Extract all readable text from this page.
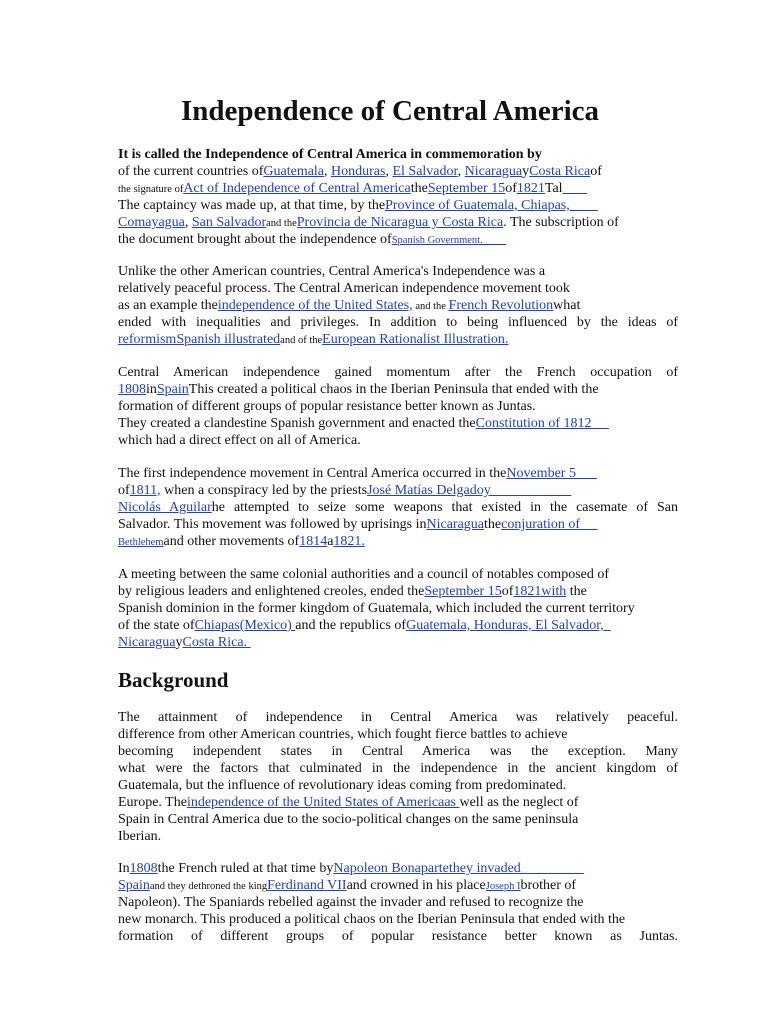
Independence of Central America
It is called the Independence of Central America in commemoration by
of the current countries ofGuatemala, Honduras, El Salvador, NicaraguayCosta Ricaof
the signature ofAct of Independence of Central AmericatheSeptember 15of1821Tal
The captaincy was made up, at that time, by theProvince of Guatemala, Chiapas,
Comayagua, San Salvadorand theProvincia de Nicaragua y Costa Rica. The subscription of
the document brought about the independence ofSpanish Government.
Unlike the other American countries, Central America's Independence was a
relatively peaceful process. The Central American independence movement took
as an example theindependence of the United States, and the French Revolutionwhat
ended with inequalities and privileges. In addition to being influenced by the ideas of
reformismSpanish illustratedand of theEuropean Rationalist Illustration.
Central American independence gained momentum after the French occupation of
1808inSpainThis created a political chaos in the Iberian Peninsula that ended with the
formation of different groups of popular resistance better known as Juntas.
They created a clandestine Spanish government and enacted theConstitution of 1812
which had a direct effect on all of America.
The first independence movement in Central America occurred in theNovember 5
of1811, when a conspiracy led by the priestsJosé Matías Delgadoy
Nicolás Aguilarhe attempted to seize some weapons that existed in the casemate of San
Salvador. This movement was followed by uprisings inNicaraguatheconjuration of
Bethlehemand other movements of1814a1821.
A meeting between the same colonial authorities and a council of notables composed of
by religious leaders and enlightened creoles, ended theSeptember 15of1821with the
Spanish dominion in the former kingdom of Guatemala, which included the current territory
of the state ofChiapas(Mexico) and the republics ofGuatemala, Honduras, El Salvador,
NicaraguayCosta Rica.
The attainment of independence in Central America was relatively peaceful.
difference from other American countries, which fought fierce battles to achieve
becoming independent states in Central America was the exception. Many
what were the factors that culminated in the independence in the ancient kingdom of
Guatemala, but the influence of revolutionary ideas coming from predominated.
Europe. Theindependence of the United States of Americaas well as the neglect of
Spain in Central America due to the socio-political changes on the same peninsula
Iberian.
In1808the French ruled at that time byNapoleon Bonapartethey invaded
Spainand they dethroned the kingFerdinand VIIand crowned in his placeJoseph Ibrother of
Napoleon). The Spaniards rebelled against the invader and refused to recognize the
new monarch. This produced a political chaos on the Iberian Peninsula that ended with the
formation of different groups of popular resistance better known as Juntas.
Background
